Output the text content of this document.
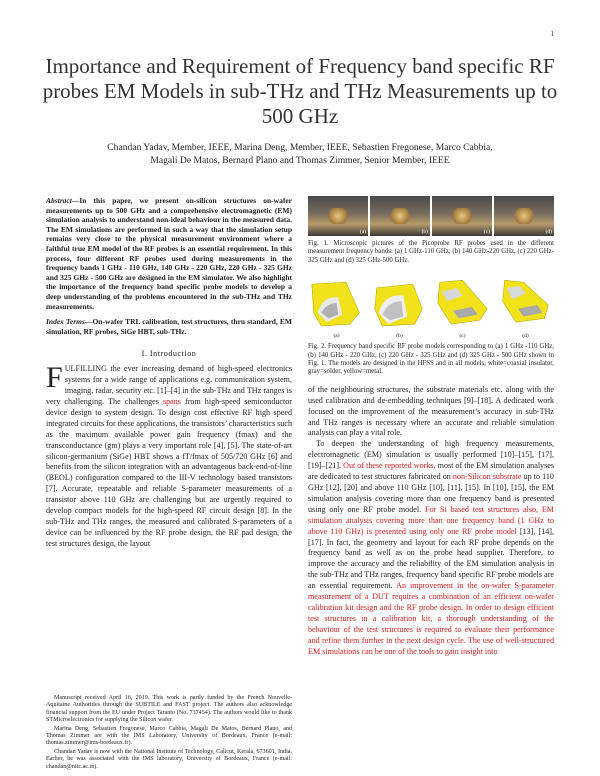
1
Importance and Requirement of Frequency band specific RF probes EM Models in sub-THz and THz Measurements up to 500 GHz
Chandan Yadav, Member, IEEE, Marina Deng, Member, IEEE, Sebastien Fregonese, Marco Cabbia,
Magali De Matos, Bernard Plano and Thomas Zimmer, Senior Member, IEEE

Abstract—In this paper, we present on-silicon structures on-wafer measurements up to 500 GHz and a comprehensive electromagnetic (EM) simulation analysis to understand non-ideal behaviour in the measured data. The EM simulations are performed in such a way that the simulation setup remains very close to the physical measurement environment where a faithful true EM model of the RF probes is an essential requirement. In this process, four different RF probes used during measurements in the frequency bands 1 GHz - 110 GHz, 140 GHz - 220 GHz, 220 GHz - 325 GHz and 325 GHz - 500 GHz are designed in the EM simulator. We also highlight the importance of the frequency band specific probe models to develop a deep understanding of the problems encountered in the sub-THz and THz measurements.

Index Terms—On-wafer TRL calibration, test structures, thru standard, EM simulation, RF probes, SiGe HBT, sub-THz.

I. Introduction

FULFILLING the ever increasing demand of high-speed electronics systems for a wide range of applications e.g. communication system, imaging, radar, security etc. [1]–[4] in the sub-THz and THz ranges is very challenging. The challenges spans from high-speed semiconductor device design to system design. To design cost effective RF high speed integrated circuits for these applications, the transistors’ characteristics such as the maximum available power gain frequency (fmax) and the transconductance (gm) plays a very important role [4], [5]. The state-of-art silicon-germanium (SiGe) HBT shows a fT/fmax of 505/720 GHz [6] and benefits from the silicon integration with an advantageous back-end-of-line (BEOL) configuration compared to the III-V technology based transistors [7]. Accurate, repeatable and reliable S-parameter measurements of a transistor above 110 GHz are challenging but are urgently required to develop compact models for the high-speed RF circuit design [8]. In the sub-THz and THz ranges, the measured and calibrated S-parameters of a device can be influenced by the RF probe design, the RF pad design, the test structures design, the layout

Manuscript received April 16, 2019. This work is partly funded by the French Nouvelle-Aquitaine Authorities through the SUBTILE and FAST project. The authors also acknowledge financial support from the EU under Project Taranto (No. 737454). The authors would like to thank STMicroelectronics for supplying the Silicon wafer.

Marina Deng, Sebastien Fregonese, Marco Cabbia, Magali De Matos, Bernard Plano, and Thomas Zimmer are with the IMS Laboratory, University of Bordeaux, France (e-mail: thomas.zimmer@ims-bordeaux.fr).

Chandan Yadav is now with the National Institute of Technology, Calicut, Kerala, 673601, India. Earlier, he was associated with the IMS laboratory, University of Bordeaux, France (e-mail: chandan@nitc.ac.in).

(a)	(b)	(c)	(d)

Fig. 1. Microscopic pictures of the Picoprobe RF probes used in the different measurement frequency bands: (a) 1 GHz-110 GHz, (b) 140 GHz-220 GHz, (c) 220 GHz-325 GHz and (d) 325 GHz-500 GHz.

(a)	(b)	(c)	(d)

Fig. 2. Frequency band specific RF probe models corresponding to (a) 1 GHz -110 GHz, (b) 140 GHz - 220 GHz, (c) 220 GHz - 325 GHz and (d) 325 GHz - 500 GHz shown in Fig. 1. The models are designed in the HFSS and in all models, white=coaxial insulator, gray=solder, yellow=metal.

of the neighbouring structures, the substrate materials etc. along with the used calibration and de-embedding techniques [9]–[18]. A dedicated work focused on the improvement of the measurement’s accuracy in sub-THz and THz ranges is necessary where an accurate and reliable simulation analysis can play a vital role.

To deepen the understanding of high frequency measurements, electromagnetic (EM) simulation is usually performed [10]–[15], [17], [19]–[21]. Out of these reported works, most of the EM simulation analyses are dedicated to test structures fabricated on non-Silicon substrate up to 110 GHz [12], [20] and above 110 GHz [10], [11], [15]. In [10], [15], the EM simulation analysis covering more than one frequency band is presented using only one RF probe model. For Si based test structures also, EM simulation analysis covering more than one frequency band (1 GHz to above 110 GHz) is presented using only one RF probe model [13], [14], [17]. In fact, the geometry and layout for each RF probe depends on the frequency band as well as on the probe head supplier. Therefore, to improve the accuracy and the reliability of the EM simulation analysis in the sub-THz and THz ranges, frequency band specific RF probe models are an essential requirement. An improvement in the on-wafer S-parameter measurement of a DUT requires a combination of an efficient on-wafer calibration kit design and the RF probe design. In order to design efficient test structures in a calibration kit, a thorough understanding of the behaviour of the test structures is required to evaluate their performance and refine them further in the next design cycle. The use of well-structured EM simulations can be one of the tools to gain insight into
